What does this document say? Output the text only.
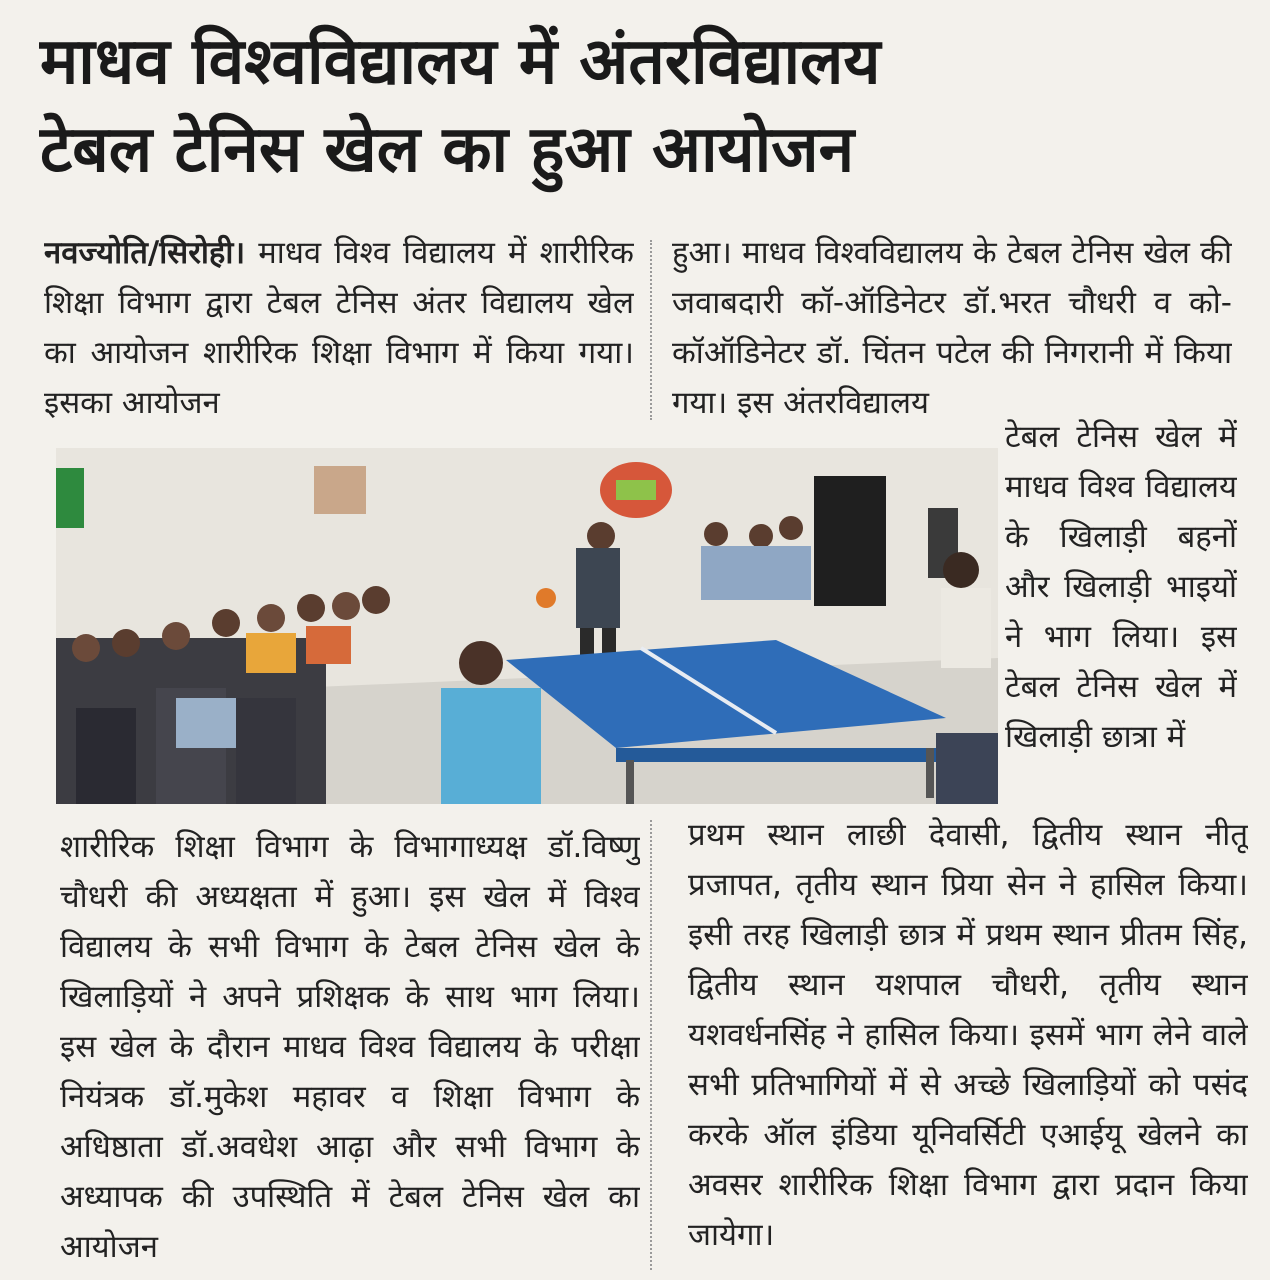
माधव विश्वविद्यालय में अंतरविद्यालय
टेबल टेनिस खेल का हुआ आयोजन

नवज्योति/सिरोही। माधव विश्व विद्यालय में शारीरिक शिक्षा विभाग द्वारा टेबल टेनिस अंतर विद्यालय खेल का आयोजन शारीरिक शिक्षा विभाग में किया गया। इसका आयोजन

हुआ। माधव विश्वविद्यालय के टेबल टेनिस खेल की जवाबदारी कॉ-ऑडिनेटर डॉ.भरत चौधरी व को-कॉऑडिनेटर डॉ. चिंतन पटेल की निगरानी में किया गया। इस अंतरविद्यालय

टेबल टेनिस खेल में माधव विश्व विद्यालय के खिलाड़ी बहनों और खिलाड़ी भाइयों ने भाग लिया। इस टेबल टेनिस खेल में खिलाड़ी छात्रा में

शारीरिक शिक्षा विभाग के विभागाध्यक्ष डॉ.विष्णु चौधरी की अध्यक्षता में हुआ। इस खेल में विश्व विद्यालय के सभी विभाग के टेबल टेनिस खेल के खिलाड़ियों ने अपने प्रशिक्षक के साथ भाग लिया। इस खेल के दौरान माधव विश्व विद्यालय के परीक्षा नियंत्रक डॉ.मुकेश महावर व शिक्षा विभाग के अधिष्ठाता डॉ.अवधेश आढ़ा और सभी विभाग के अध्यापक की उपस्थिति में टेबल टेनिस खेल का आयोजन

प्रथम स्थान लाछी देवासी, द्वितीय स्थान नीतू प्रजापत, तृतीय स्थान प्रिया सेन ने हासिल किया। इसी तरह खिलाड़ी छात्र में प्रथम स्थान प्रीतम सिंह, द्वितीय स्थान यशपाल चौधरी, तृतीय स्थान यशवर्धनसिंह ने हासिल किया। इसमें भाग लेने वाले सभी प्रतिभागियों में से अच्छे खिलाड़ियों को पसंद करके ऑल इंडिया यूनिवर्सिटी एआईयू खेलने का अवसर शारीरिक शिक्षा विभाग द्वारा प्रदान किया जायेगा।
